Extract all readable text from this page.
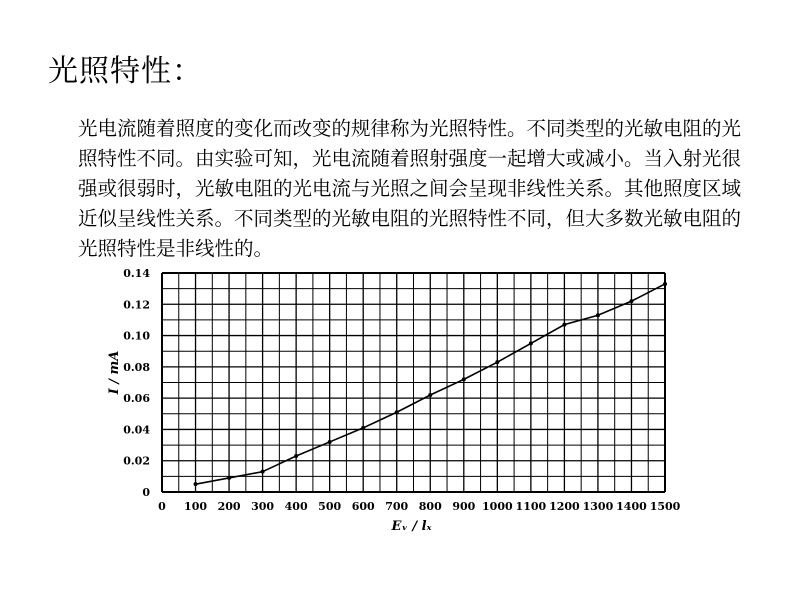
光照特性：

光电流随着照度的变化而改变的规律称为光照特性。不同类型的光敏电阻的光照特性不同。由实验可知，光电流随着照射强度一起增大或减小。当入射光很强或很弱时，光敏电阻的光电流与光照之间会呈现非线性关系。其他照度区域近似呈线性关系。不同类型的光敏电阻的光照特性不同，但大多数光敏电阻的光照特性是非线性的。

0
0.02
0.04
0.06
0.08
0.10
0.12
0.14
0 100 200 300 400 500 600 700 800 900 1000 1100 1200 1300 1400 1500
I / mA
Eᵥ / lₓ
